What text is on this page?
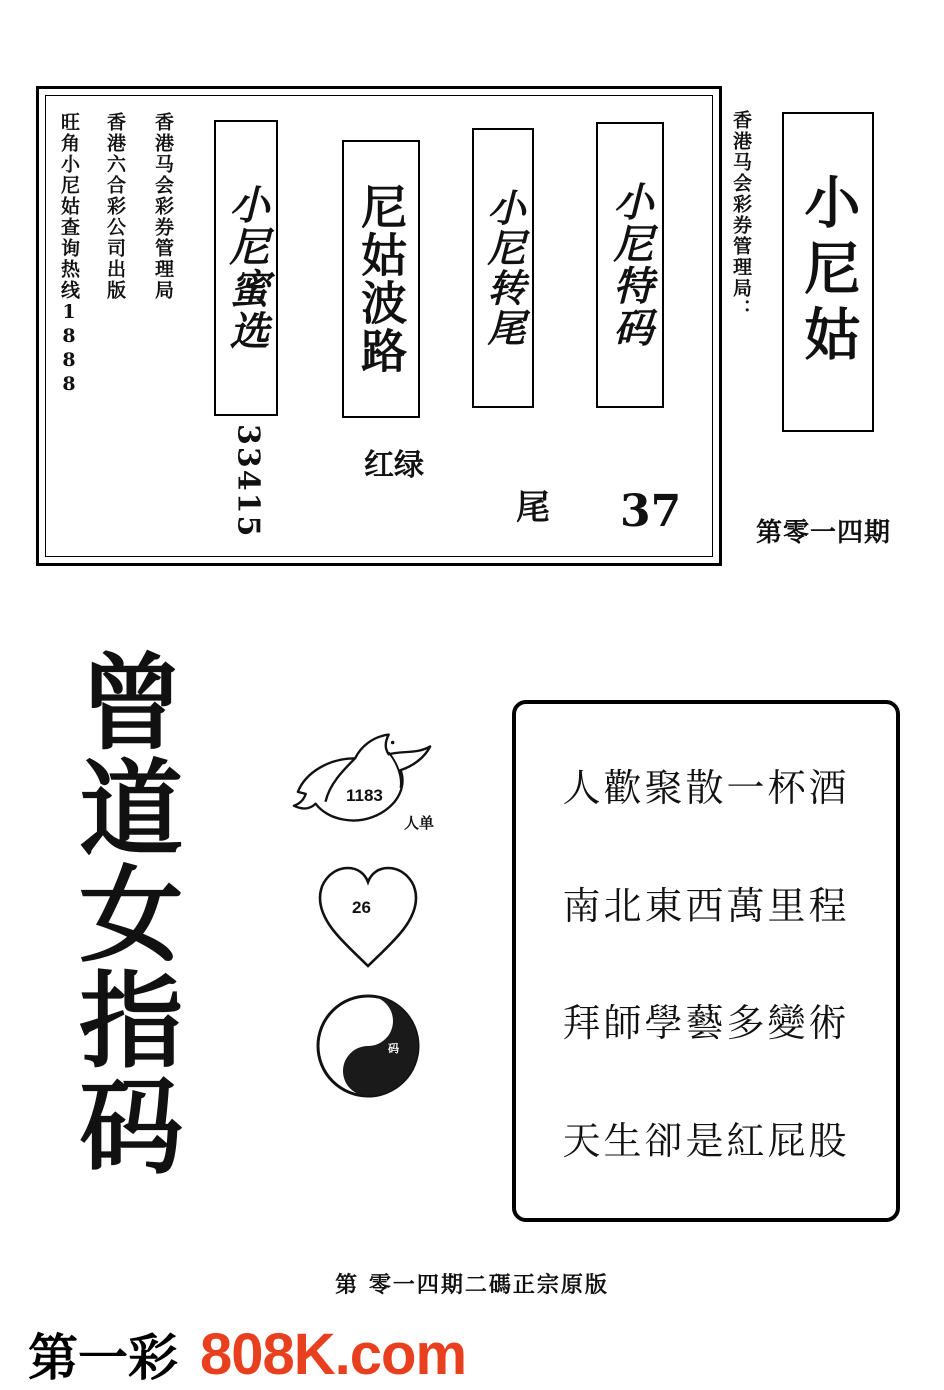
旺角小尼姑查询热线1888 香港六合彩公司出版 香港马会彩券管理局 小尼蜜选 尼姑波路 小尼转尾 小尼特码	小尼姑
33415	红绿
尾 37
香港马会彩券管理局：
第零一四期
曾道女指码	1183
人单
26
07 码
人歡聚散一杯酒
南北東西萬里程
拜師學藝多變術
天生卻是紅屁股
第 零一四期二碼正宗原版
第一彩 808K.com
